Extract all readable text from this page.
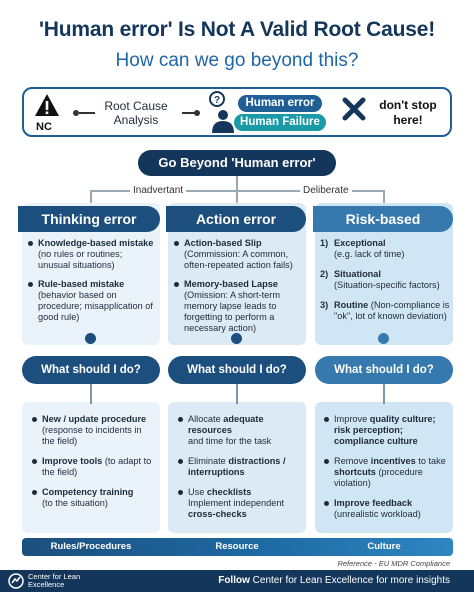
'Human error' Is Not A Valid Root Cause!
How can we go beyond this?
NC
Root Cause Analysis
?	Human error
Human Failure
don't stop here!
Go Beyond 'Human error'
Inadvertant	Deliberate
Thinking error	Action error	Risk-based
Knowledge-based mistake
(no rules or routines; unusual situations)
Rule-based mistake
(behavior based on procedure; misapplication of good rule)
Action-based Slip
(Commission: A common, often-repeated action fails)
Memory-based Lapse
(Omission: A short-term memory lapse leads to forgetting to perform a necessary action)
1) Exceptional
(e.g. lack of time)
2) Situational
(Situation-specific factors)
3) Routine (Non-compliance is "ok", lot of known deviation)
What should I do?	What should I do?	What should I do?
New / update procedure
(response to incidents in the field)
Improve tools (to adapt to the field)
Competency training
(to the situation)
Allocate adequate resources
and time for the task
Eliminate distractions / interruptions
Use checklists
Implement independent
cross-checks
Improve quality culture; risk perception; compliance culture
Remove incentives to take shortcuts (procedure violation)
Improve feedback
(unrealistic workload)
Rules/Procedures	Resource	Culture
Reference - EU MDR Compliance
Center for Lean Excellence	Follow Center for Lean Excellence for more insights
